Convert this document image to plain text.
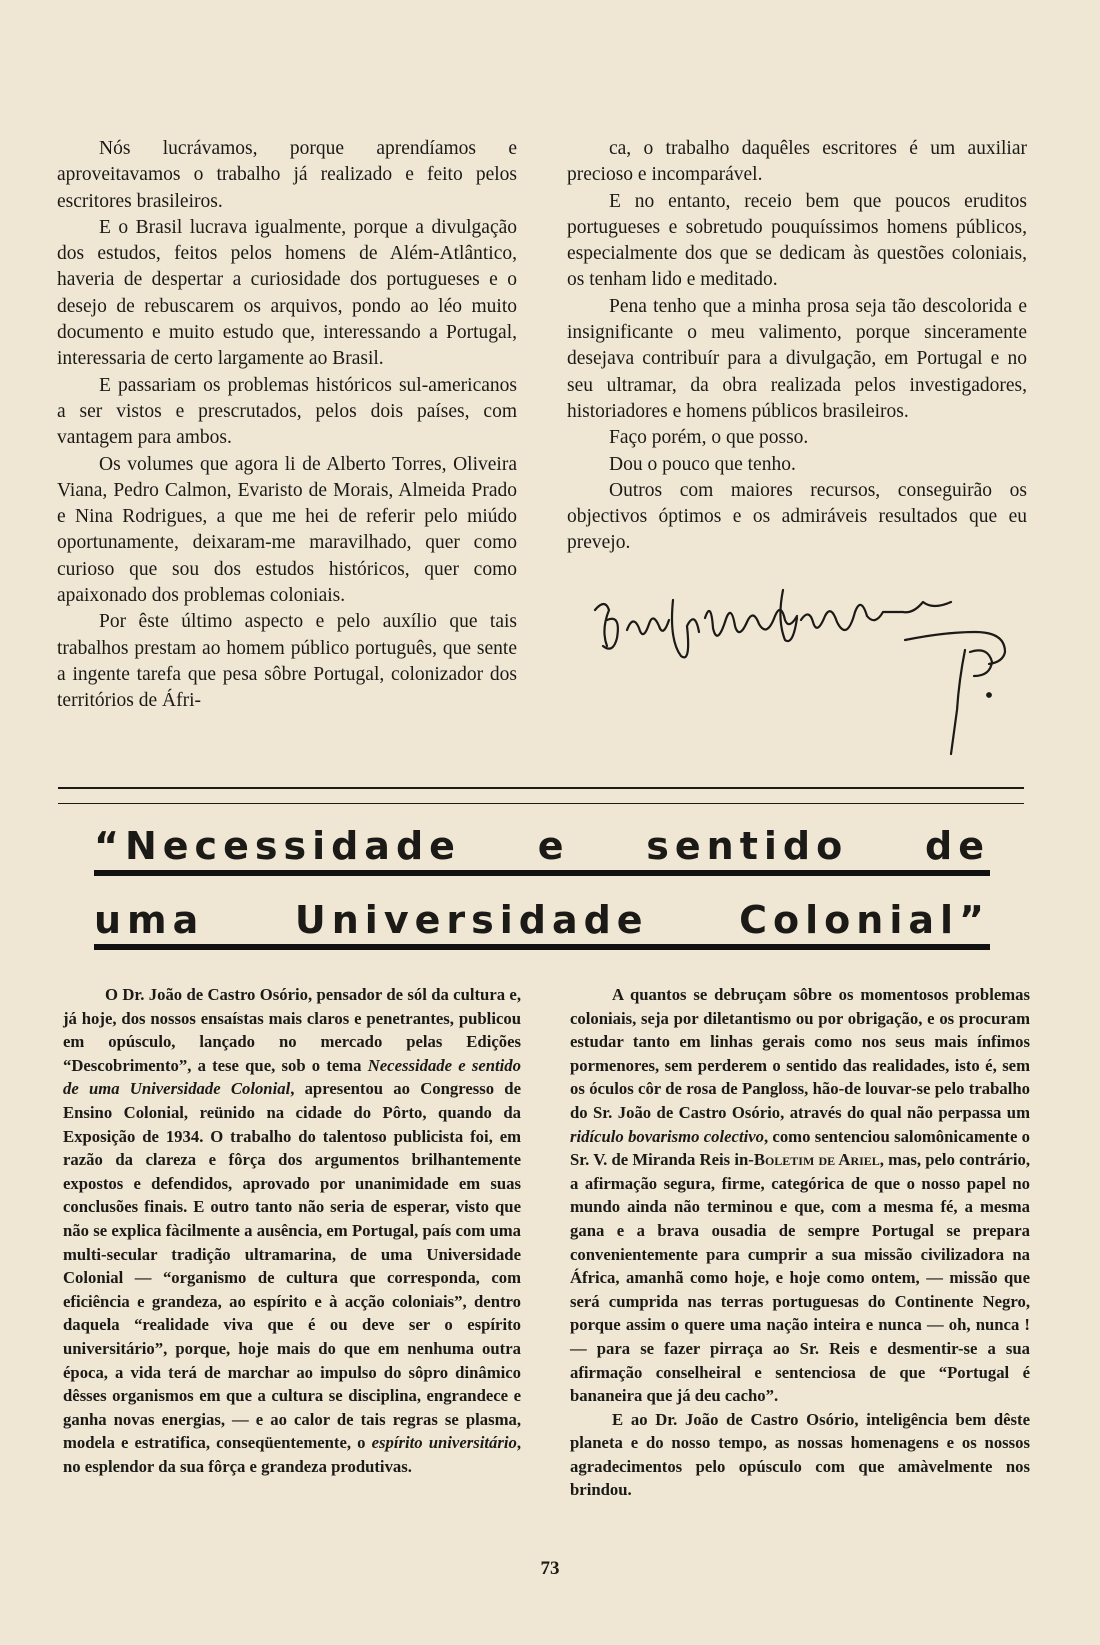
Nós lucrávamos, porque aprendíamos e aproveitavamos o trabalho já realizado e feito pelos escritores brasileiros.

E o Brasil lucrava igualmente, porque a divulgação dos estudos, feitos pelos homens de Além-Atlântico, haveria de despertar a curiosidade dos portugueses e o desejo de rebuscarem os arquivos, pondo ao léo muito documento e muito estudo que, interessando a Portugal, interessaria de certo largamente ao Brasil.

E passariam os problemas históricos sul-americanos a ser vistos e prescrutados, pelos dois países, com vantagem para ambos.

Os volumes que agora li de Alberto Torres, Oliveira Viana, Pedro Calmon, Evaristo de Morais, Almeida Prado e Nina Rodrigues, a que me hei de referir pelo miúdo oportunamente, deixaram-me maravilhado, quer como curioso que sou dos estudos históricos, quer como apaixonado dos problemas coloniais.

Por êste último aspecto e pelo auxílio que tais trabalhos prestam ao homem público português, que sente a ingente tarefa que pesa sôbre Portugal, colonizador dos territórios de Áfri-

ca, o trabalho daquêles escritores é um auxiliar precioso e incomparável.

E no entanto, receio bem que poucos eruditos portugueses e sobretudo pouquíssimos homens públicos, especialmente dos que se dedicam às questões coloniais, os tenham lido e meditado.

Pena tenho que a minha prosa seja tão descolorida e insignificante o meu valimento, porque sinceramente desejava contribuír para a divulgação, em Portugal e no seu ultramar, da obra realizada pelos investigadores, historiadores e homens públicos brasileiros.

Faço porém, o que posso.

Dou o pouco que tenho.

Outros com maiores recursos, conseguirão os objectivos óptimos e os admiráveis resultados que eu prevejo.

“Necessidade e sentido de
uma Universidade Colonial”

O Dr. João de Castro Osório, pensador de sól da cultura e, já hoje, dos nossos ensaístas mais claros e penetrantes, publicou em opúsculo, lançado no mercado pelas Edições “Descobrimento”, a tese que, sob o tema Necessidade e sentido de uma Universidade Colonial, apresentou ao Congresso de Ensino Colonial, reünido na cidade do Pôrto, quando da Exposição de 1934. O trabalho do talentoso publicista foi, em razão da clareza e fôrça dos argumentos brilhantemente expostos e defendidos, aprovado por unanimidade em suas conclusões finais. E outro tanto não seria de esperar, visto que não se explica fàcilmente a ausência, em Portugal, país com uma multi-secular tradição ultramarina, de uma Universidade Colonial — “organismo de cultura que corresponda, com eficiência e grandeza, ao espírito e à acção coloniais”, dentro daquela “realidade viva que é ou deve ser o espírito universitário”, porque, hoje mais do que em nenhuma outra época, a vida terá de marchar ao impulso do sôpro dinâmico dêsses organismos em que a cultura se disciplina, engrandece e ganha novas energias, — e ao calor de tais regras se plasma, modela e estratifica, conseqüentemente, o espírito universitário, no esplendor da sua fôrça e grandeza produtivas.

A quantos se debruçam sôbre os momentosos problemas coloniais, seja por diletantismo ou por obrigação, e os procuram estudar tanto em linhas gerais como nos seus mais ínfimos pormenores, sem perderem o sentido das realidades, isto é, sem os óculos côr de rosa de Pangloss, hão-de louvar-se pelo trabalho do Sr. João de Castro Osório, através do qual não perpassa um ridículo bovarismo colectivo, como sentenciou salomônicamente o Sr. V. de Miranda Reis in-Boletim de Ariel, mas, pelo contrário, a afirmação segura, firme, categórica de que o nosso papel no mundo ainda não terminou e que, com a mesma fé, a mesma gana e a brava ousadia de sempre Portugal se prepara convenientemente para cumprir a sua missão civilizadora na África, amanhã como hoje, e hoje como ontem, — missão que será cumprida nas terras portuguesas do Continente Negro, porque assim o quere uma nação inteira e nunca — oh, nunca ! — para se fazer pirraça ao Sr. Reis e desmentir-se a sua afirmação conselheiral e sentenciosa de que “Portugal é bananeira que já deu cacho”.

E ao Dr. João de Castro Osório, inteligência bem dêste planeta e do nosso tempo, as nossas homenagens e os nossos agradecimentos pelo opúsculo com que amàvelmente nos brindou.

73
